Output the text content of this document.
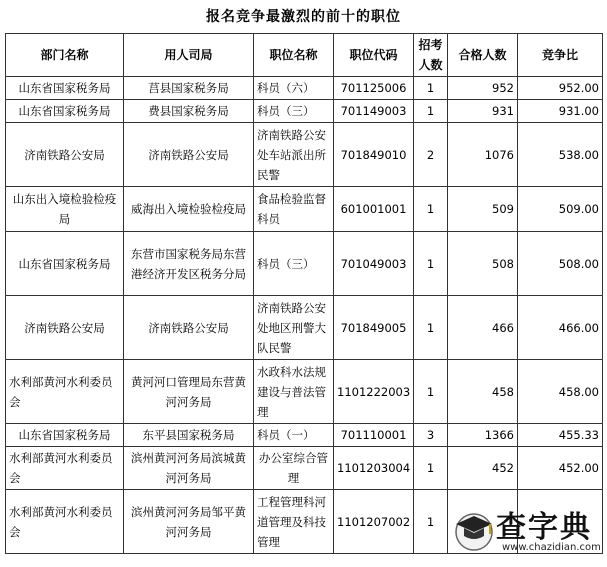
报名竞争最激烈的前十的职位
部门名称	用人司局	职位名称	职位代码	招考人数	合格人数	竞争比
山东省国家税务局	莒县国家税务局	科员（六）	701125006	1	952	952.00
山东省国家税务局	费县国家税务局	科员（三）	701149003	1	931	931.00
济南铁路公安局	济南铁路公安局	济南铁路公安处车站派出所民警	701849010	2	1076	538.00
山东出入境检验检疫局	威海出入境检验检疫局	食品检验监督科员	601001001	1	509	509.00
山东省国家税务局	东营市国家税务局东营港经济开发区税务分局	科员（三）	701049003	1	508	508.00
济南铁路公安局	济南铁路公安局	济南铁路公安处地区刑警大队民警	701849005	1	466	466.00
水利部黄河水利委员会	黄河河口管理局东营黄河河务局	水政科水法规建设与普法管理	1101222003	1	458	458.00
山东省国家税务局	东平县国家税务局	科员（一）	701110001	3	1366	455.33
水利部黄河水利委员会	滨州黄河河务局滨城黄河河务局	办公室综合管理	1101203004	1	452	452.00
水利部黄河水利委员会	滨州黄河河务局邹平黄河河务局	工程管理科河道管理及科技管理	1101207002	1		查字典
www.chazidian.com
